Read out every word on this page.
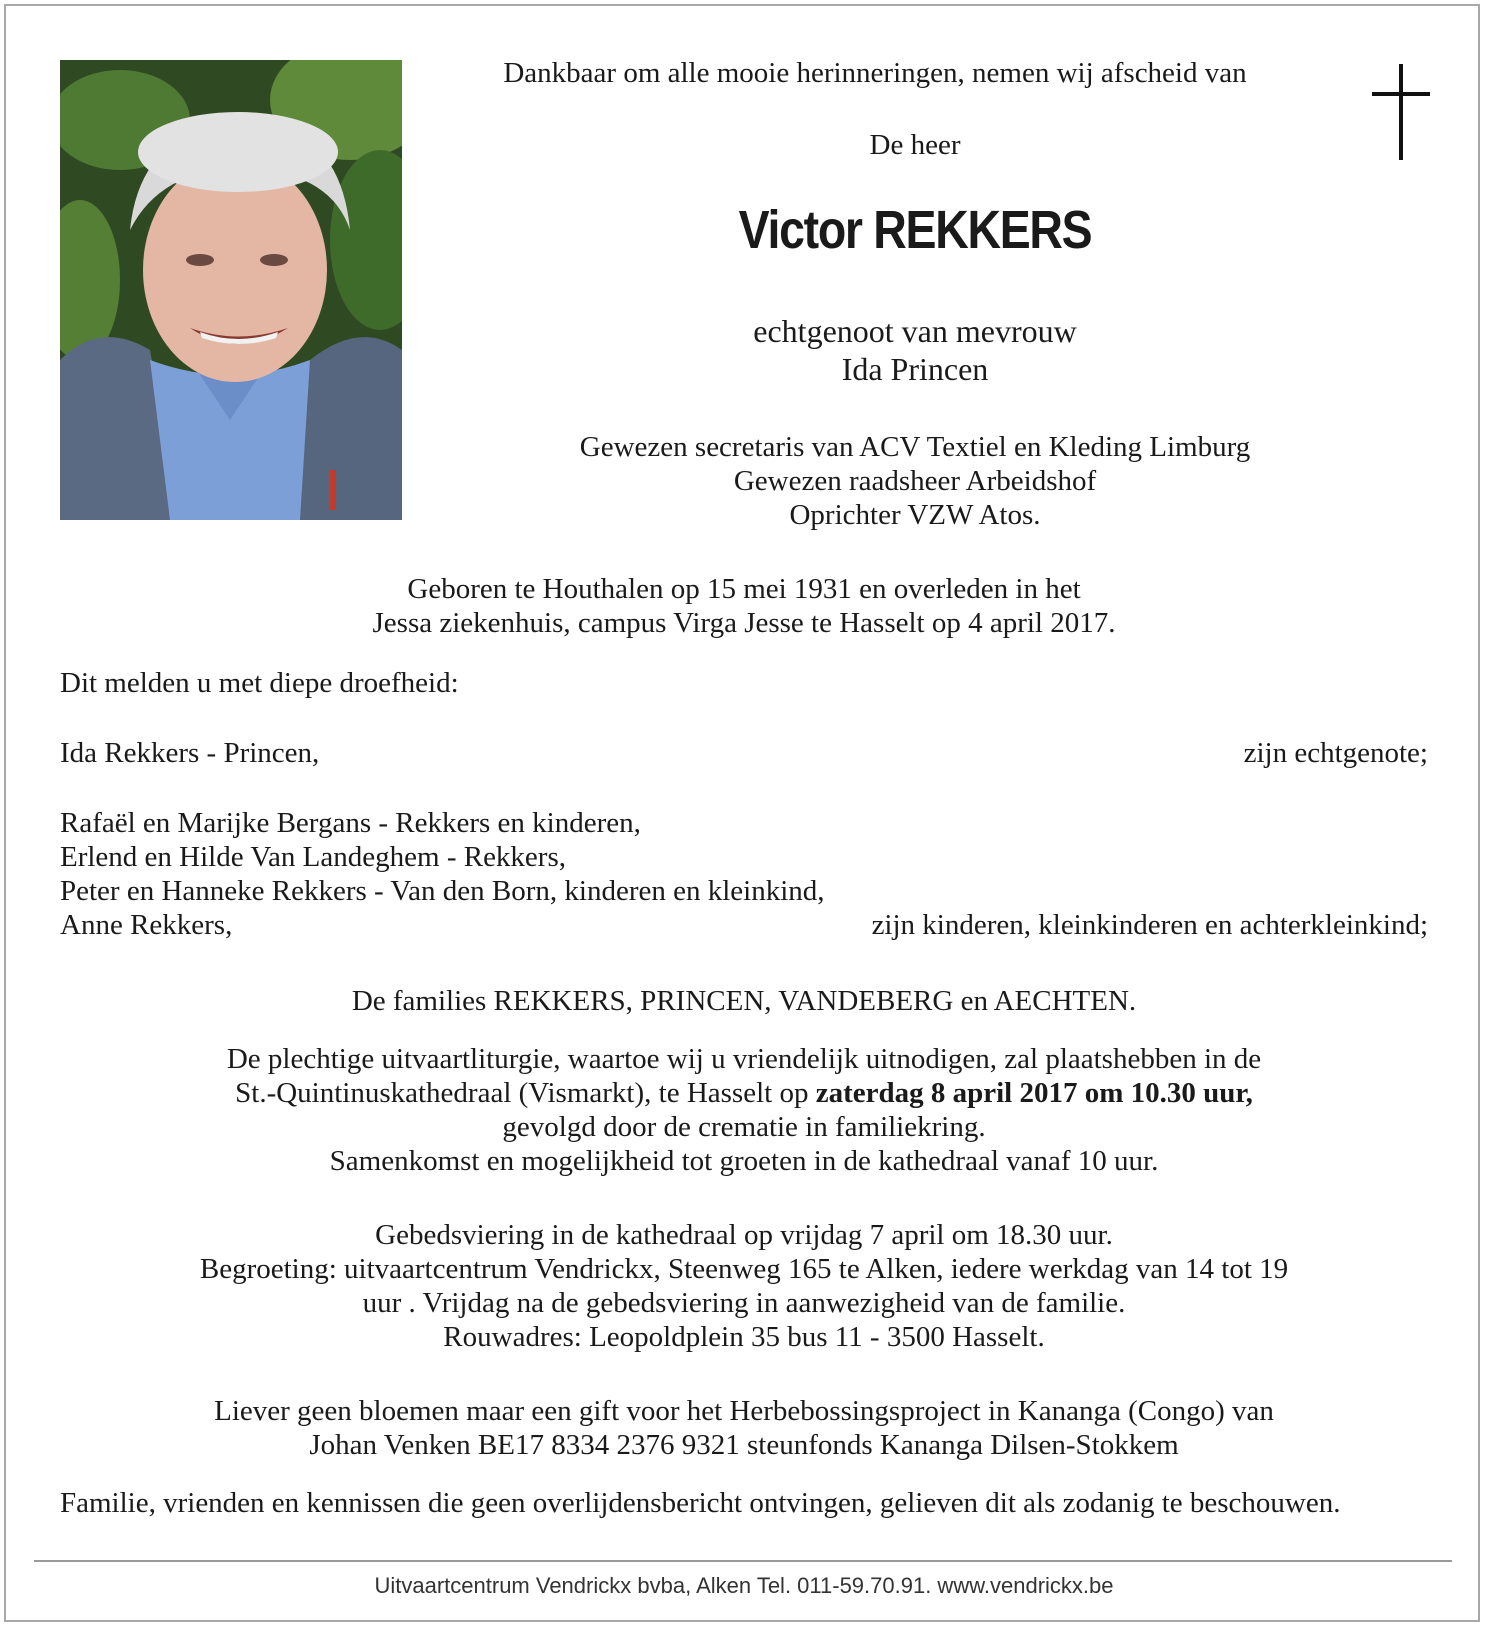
Dankbaar om alle mooie herinneringen, nemen wij afscheid van
De heer
Victor REKKERS
echtgenoot van mevrouw
Ida Princen
Gewezen secretaris van ACV Textiel en Kleding Limburg
Gewezen raadsheer Arbeidshof
Oprichter VZW Atos.
Geboren te Houthalen op 15 mei 1931 en overleden in het
Jessa ziekenhuis, campus Virga Jesse te Hasselt op 4 april 2017.
Dit melden u met diepe droefheid:
Ida Rekkers - Princen,	zijn echtgenote;
Rafaël en Marijke Bergans - Rekkers en kinderen,
Erlend en Hilde Van Landeghem - Rekkers,
Peter en Hanneke Rekkers - Van den Born, kinderen en kleinkind,
Anne Rekkers,	zijn kinderen, kleinkinderen en achterkleinkind;
De families REKKERS, PRINCEN, VANDEBERG en AECHTEN.
De plechtige uitvaartliturgie, waartoe wij u vriendelijk uitnodigen, zal plaatshebben in de
St.-Quintinuskathedraal (Vismarkt), te Hasselt op zaterdag 8 april 2017 om 10.30 uur,
gevolgd door de crematie in familiekring.
Samenkomst en mogelijkheid tot groeten in de kathedraal vanaf 10 uur.
Gebedsviering in de kathedraal op vrijdag 7 april om 18.30 uur.
Begroeting: uitvaartcentrum Vendrickx, Steenweg 165 te Alken, iedere werkdag van 14 tot 19
uur . Vrijdag na de gebedsviering in aanwezigheid van de familie.
Rouwadres: Leopoldplein 35 bus 11 - 3500 Hasselt.
Liever geen bloemen maar een gift voor het Herbebossingsproject in Kananga (Congo) van
Johan Venken BE17 8334 2376 9321 steunfonds Kananga Dilsen-Stokkem
Familie, vrienden en kennissen die geen overlijdensbericht ontvingen, gelieven dit als zodanig te beschouwen.
Uitvaartcentrum Vendrickx bvba, Alken Tel. 011-59.70.91. www.vendrickx.be
